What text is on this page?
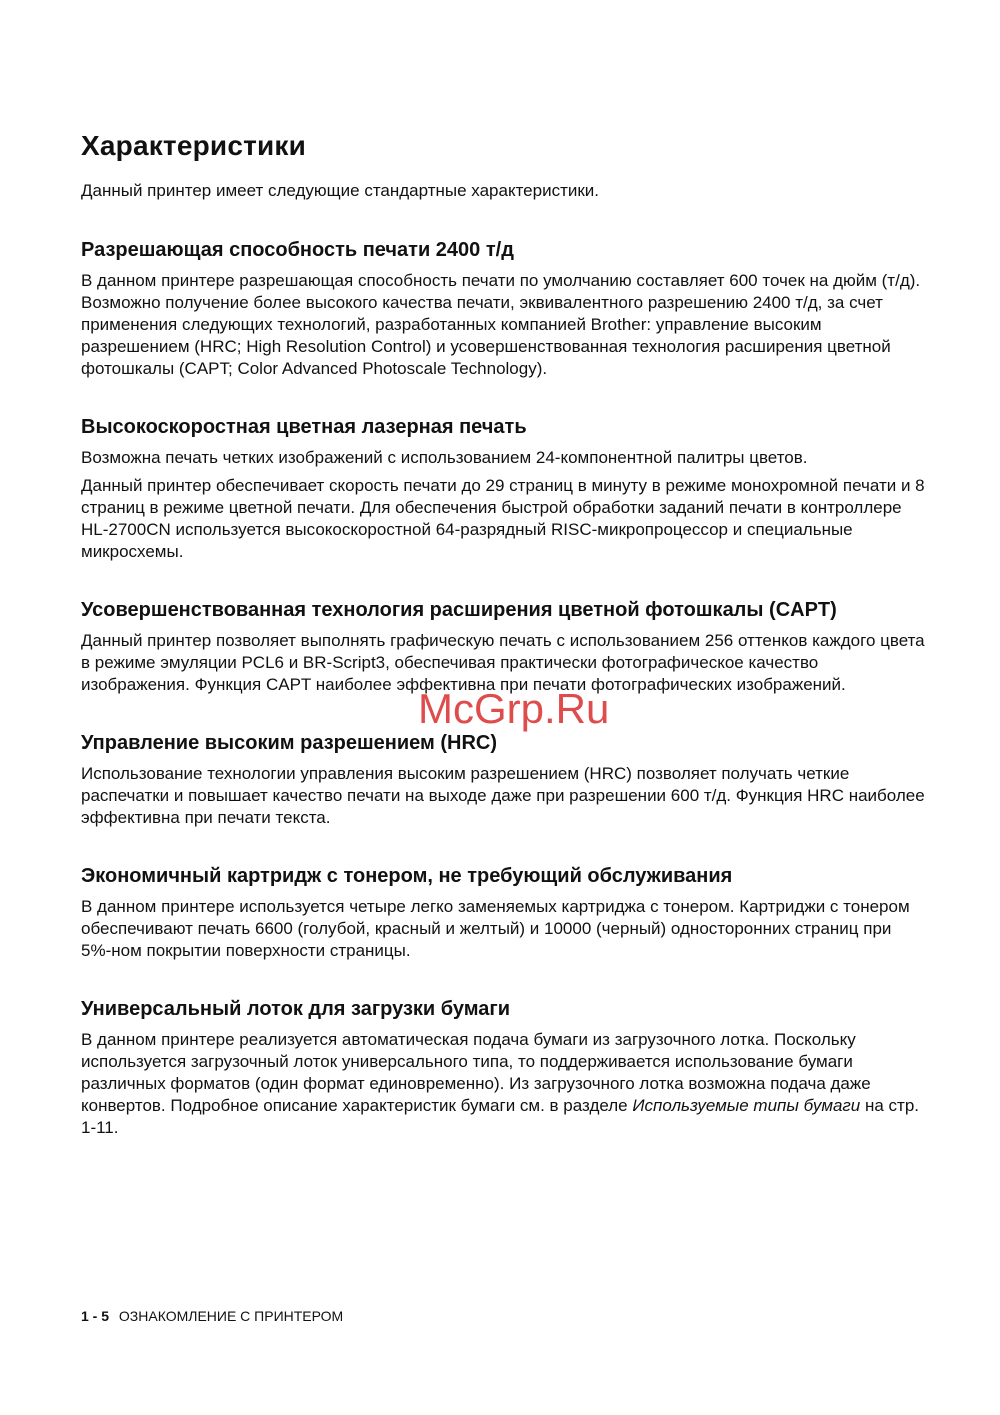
Характеристики

Данный принтер имеет следующие стандартные характеристики.

Разрешающая способность печати 2400 т/д

В данном принтере разрешающая способность печати по умолчанию составляет 600 точек на дюйм (т/д). Возможно получение более высокого качества печати, эквивалентного разрешению 2400 т/д, за счет применения следующих технологий, разработанных компанией Brother: управление высоким разрешением (HRC; High Resolution Control) и усовершенствованная технология расширения цветной фотошкалы (CAPT; Color Advanced Photoscale Technology).

Высокоскоростная цветная лазерная печать

Возможна печать четких изображений с использованием 24-компонентной палитры цветов.

Данный принтер обеспечивает скорость печати до 29 страниц в минуту в режиме монохромной печати и 8 страниц в режиме цветной печати. Для обеспечения быстрой обработки заданий печати в контроллере HL-2700CN используется высокоскоростной 64-разрядный RISC-микропроцессор и специальные микросхемы.

Усовершенствованная технология расширения цветной фотошкалы (CAPT)

Данный принтер позволяет выполнять графическую печать с использованием 256 оттенков каждого цвета в режиме эмуляции PCL6 и BR-Script3, обеспечивая практически фотографическое качество изображения. Функция CAPT наиболее эффективна при печати фотографических изображений.

Управление высоким разрешением (HRC)

Использование технологии управления высоким разрешением (HRC) позволяет получать четкие распечатки и повышает качество печати на выходе даже при разрешении 600 т/д. Функция HRC наиболее эффективна при печати текста.

Экономичный картридж с тонером, не требующий обслуживания

В данном принтере используется четыре легко заменяемых картриджа с тонером. Картриджи с тонером обеспечивают печать 6600 (голубой, красный и желтый) и 10000 (черный) односторонних страниц при 5%-ном покрытии поверхности страницы.

Универсальный лоток для загрузки бумаги

В данном принтере реализуется автоматическая подача бумаги из загрузочного лотка. Поскольку используется загрузочный лоток универсального типа, то поддерживается использование бумаги различных форматов (один формат единовременно). Из загрузочного лотка возможна подача даже конвертов. Подробное описание характеристик бумаги см. в разделе Используемые типы бумаги на стр. 1-11.

McGrp.Ru
1 - 5 ОЗНАКОМЛЕНИЕ С ПРИНТЕРОМ
